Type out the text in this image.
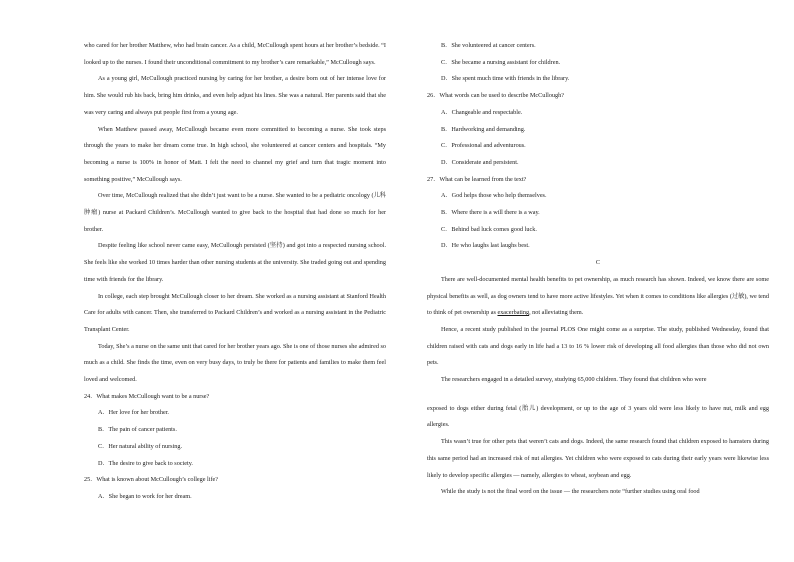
who cared for her brother Matthew, who had brain cancer. As a child, McCullough spent hours at her brother’s bedside. “I looked up to the nurses. I found their unconditional commitment to my brother’s care remarkable,” McCullough says.

As a young girl, McCullough practiced nursing by caring for her brother, a desire born out of her intense love for him. She would rub his back, bring him drinks, and even help adjust his lines. She was a natural. Her parents said that she was very caring and always put people first from a young age.

When Matthew passed away, McCullough became even more committed to becoming a nurse. She took steps through the years to make her dream come true. In high school, she volunteered at cancer centers and hospitals. “My becoming a nurse is 100% in honor of Matt. I felt the need to channel my grief and turn that tragic moment into something positive,” McCullough says.

Over time, McCullough realized that she didn’t just want to be a nurse. She wanted to be a pediatric oncology (儿科肿瘤) nurse at Packard Children’s. McCullough wanted to give back to the hospital that had done so much for her brother.

Despite feeling like school never came easy, McCullough persisted (坚持) and got into a respected nursing school. She feels like she worked 10 times harder than other nursing students at the university. She traded going out and spending time with friends for the library.

In college, each step brought McCullough closer to her dream. She worked as a nursing assistant at Stanford Health Care for adults with cancer. Then, she transferred to Packard Children’s and worked as a nursing assistant in the Pediatric Transplant Center.

Today, She’s a nurse on the same unit that cared for her brother years ago. She is one of those nurses she admired so much as a child. She finds the time, even on very busy days, to truly be there for patients and families to make them feel loved and welcomed.

24．What makes McCullough want to be a nurse?

A．Her love for her brother.

B．The pain of cancer patients.

C．Her natural ability of nursing.

D．The desire to give back to society.

25．What is known about McCullough’s college life?

A．She began to work for her dream.

B．She volunteered at cancer centers.

C．She became a nursing assistant for children.

D．She spent much time with friends in the library.

26．What words can be used to describe McCullough?

A．Changeable and respectable.

B．Hardworking and demanding.

C．Professional and adventurous.

D．Considerate and persistent.

27．What can be learned from the text?

A．God helps those who help themselves.

B．Where there is a will there is a way.

C．Behind bad luck comes good luck.

D．He who laughs last laughs best.

C

There are well-documented mental health benefits to pet ownership, as much research has shown. Indeed, we know there are some physical benefits as well, as dog owners tend to have more active lifestyles. Yet when it comes to conditions like allergies (过敏), we tend to think of pet ownership as exacerbating, not alleviating them.

Hence, a recent study published in the journal PLOS One might come as a surprise. The study, published Wednesday, found that children raised with cats and dogs early in life had a 13 to 16 % lower risk of developing all food allergies than those who did not own pets.

The researchers engaged in a detailed survey, studying 65,000 children. They found that children who were

exposed to dogs either during fetal (胎儿) development, or up to the age of 3 years old were less likely to have nut, milk and egg allergies.

This wasn’t true for other pets that weren’t cats and dogs. Indeed, the same research found that children exposed to hamsters during this same period had an increased risk of nut allergies. Yet children who were exposed to cats during their early years were likewise less likely to develop specific allergies — namely, allergies to wheat, soybean and egg.

While the study is not the final word on the issue — the researchers note “further studies using oral food
